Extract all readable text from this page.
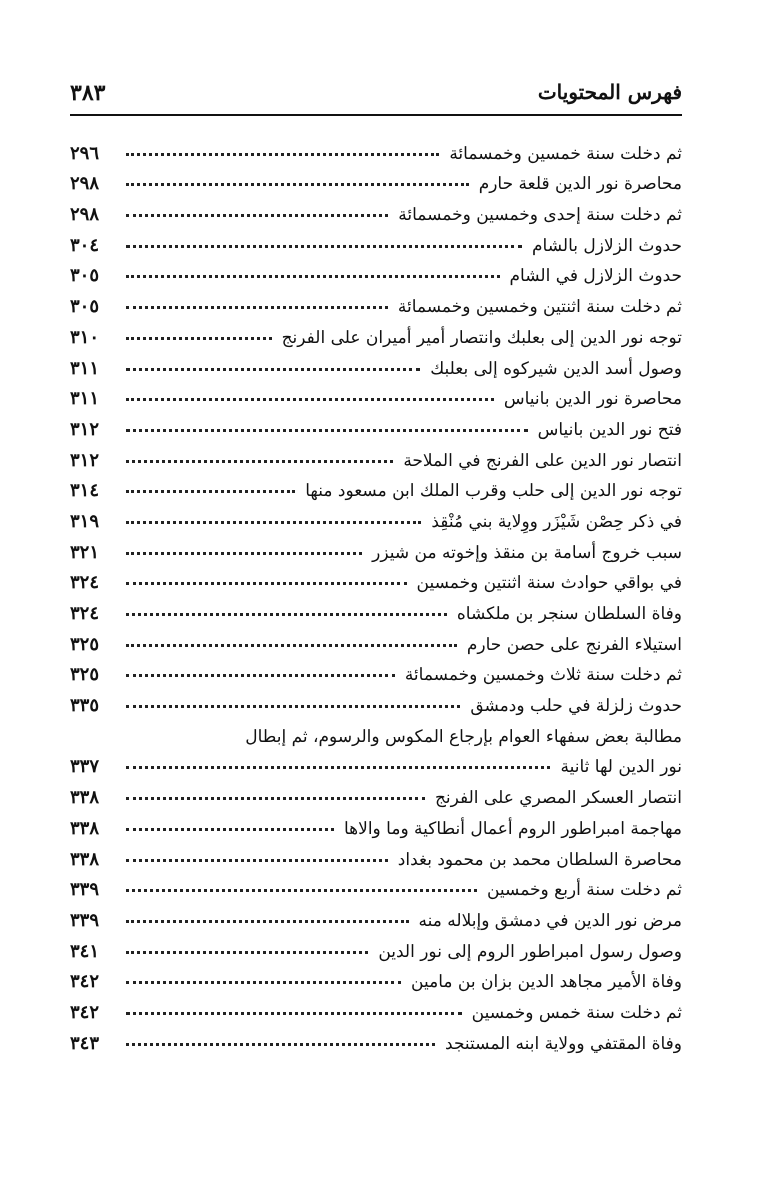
فهرس المحتويات
٣٨٣
ثم دخلت سنة خمسين وخمسمائة
٢٩٦
محاصرة نور الدين قلعة حارم
٢٩٨
ثم دخلت سنة إحدى وخمسين وخمسمائة
٢٩٨
حدوث الزلازل بالشام
٣٠٤
حدوث الزلازل في الشام
٣٠٥
ثم دخلت سنة اثنتين وخمسين وخمسمائة
٣٠٥
توجه نور الدين إلى بعلبك وانتصار أمير أميران على الفرنج
٣١٠
وصول أسد الدين شيركوه إلى بعلبك
٣١١
محاصرة نور الدين بانياس
٣١١
فتح نور الدين بانياس
٣١٢
انتصار نور الدين على الفرنج في الملاحة
٣١٢
توجه نور الدين إلى حلب وقرب الملك ابن مسعود منها
٣١٤
في ذكر حِصْن شَيْزَر ووِلاية بني مُنْقِذ
٣١٩
سبب خروج أسامة بن منقذ وإخوته من شيزر
٣٢١
في بواقي حوادث سنة اثنتين وخمسين
٣٢٤
وفاة السلطان سنجر بن ملكشاه
٣٢٤
استيلاء الفرنج على حصن حارم
٣٢٥
ثم دخلت سنة ثلاث وخمسين وخمسمائة
٣٢٥
حدوث زلزلة في حلب ودمشق
٣٣٥
مطالبة بعض سفهاء العوام بإرجاع المكوس والرسوم، ثم إبطال
نور الدين لها ثانية
٣٣٧
انتصار العسكر المصري على الفرنج
٣٣٨
مهاجمة امبراطور الروم أعمال أنطاكية وما والاها
٣٣٨
محاصرة السلطان محمد بن محمود بغداد
٣٣٨
ثم دخلت سنة أربع وخمسين
٣٣٩
مرض نور الدين في دمشق وإبلاله منه
٣٣٩
وصول رسول امبراطور الروم إلى نور الدين
٣٤١
وفاة الأمير مجاهد الدين بزان بن مامين
٣٤٢
ثم دخلت سنة خمس وخمسين
٣٤٢
وفاة المقتفي وولاية ابنه المستنجد
٣٤٣
